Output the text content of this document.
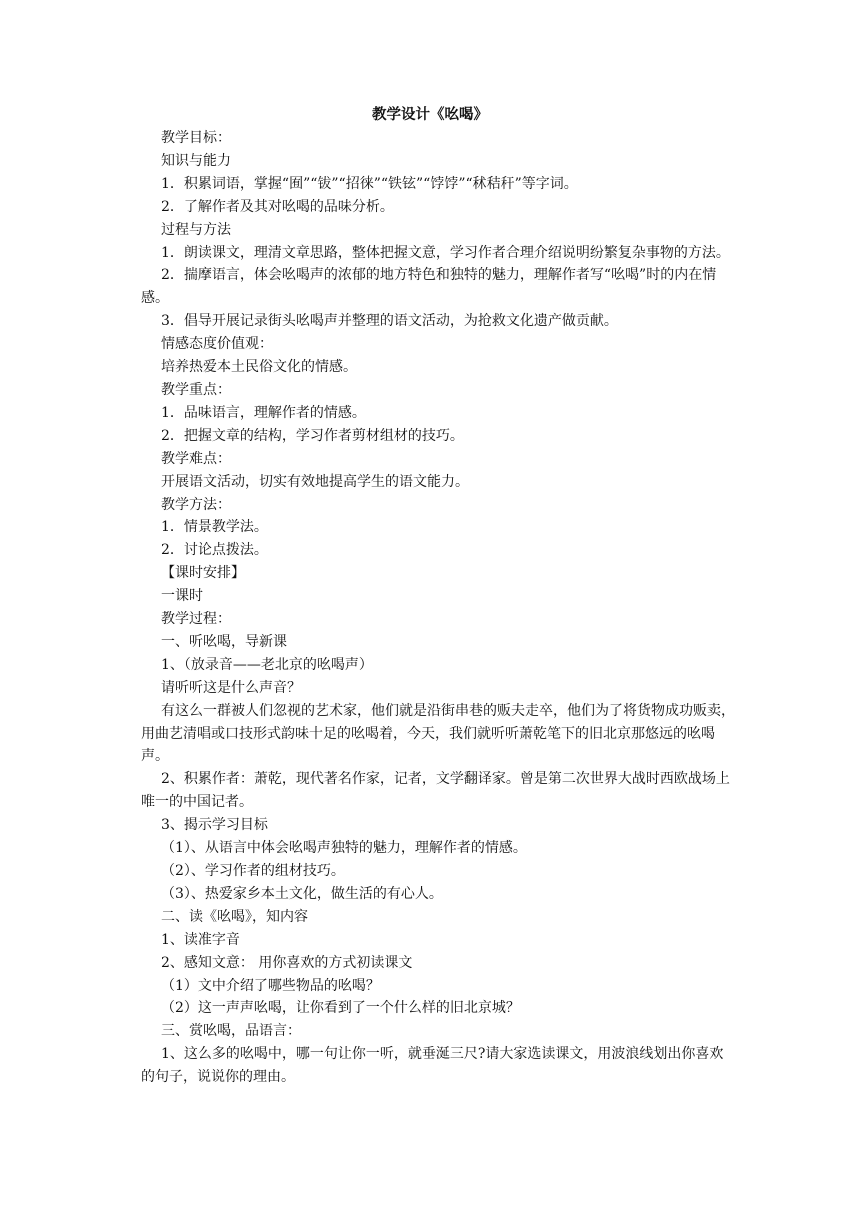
教学设计《吆喝》

教学目标：

知识与能力

1．积累词语，掌握“囿”“钹”“招徕”“铁铉”“饽饽”“秫秸秆”等字词。

2．了解作者及其对吆喝的品味分析。

过程与方法

1．朗读课文，理清文章思路，整体把握文意，学习作者合理介绍说明纷繁复杂事物的方法。

2．揣摩语言，体会吆喝声的浓郁的地方特色和独特的魅力，理解作者写“吆喝”时的内在情感。

3．倡导开展记录街头吆喝声并整理的语文活动，为抢救文化遗产做贡献。

情感态度价值观：

培养热爱本土民俗文化的情感。

教学重点：

1．品味语言，理解作者的情感。

2．把握文章的结构，学习作者剪材组材的技巧。

教学难点：

开展语文活动，切实有效地提高学生的语文能力。

教学方法：

1．情景教学法。

2．讨论点拨法。

【课时安排】

一课时

教学过程：

一、听吆喝，导新课

1、（放录音——老北京的吆喝声）

请听听这是什么声音？

有这么一群被人们忽视的艺术家，他们就是沿街串巷的贩夫走卒，他们为了将货物成功贩卖，用曲艺清唱或口技形式韵味十足的吆喝着，今天，我们就听听萧乾笔下的旧北京那悠远的吆喝声。

2、积累作者：萧乾，现代著名作家，记者，文学翻译家。曾是第二次世界大战时西欧战场上唯一的中国记者。

3、揭示学习目标

（1）、从语言中体会吆喝声独特的魅力，理解作者的情感。

（2）、学习作者的组材技巧。

（3）、热爱家乡本土文化，做生活的有心人。

二、读《吆喝》，知内容

1、读准字音

2、感知文意： 用你喜欢的方式初读课文

（1）文中介绍了哪些物品的吆喝？

（2）这一声声吆喝，让你看到了一个什么样的旧北京城？

三、赏吆喝，品语言：

1、这么多的吆喝中，哪一句让你一听，就垂涎三尺?请大家选读课文，用波浪线划出你喜欢的句子，说说你的理由。
